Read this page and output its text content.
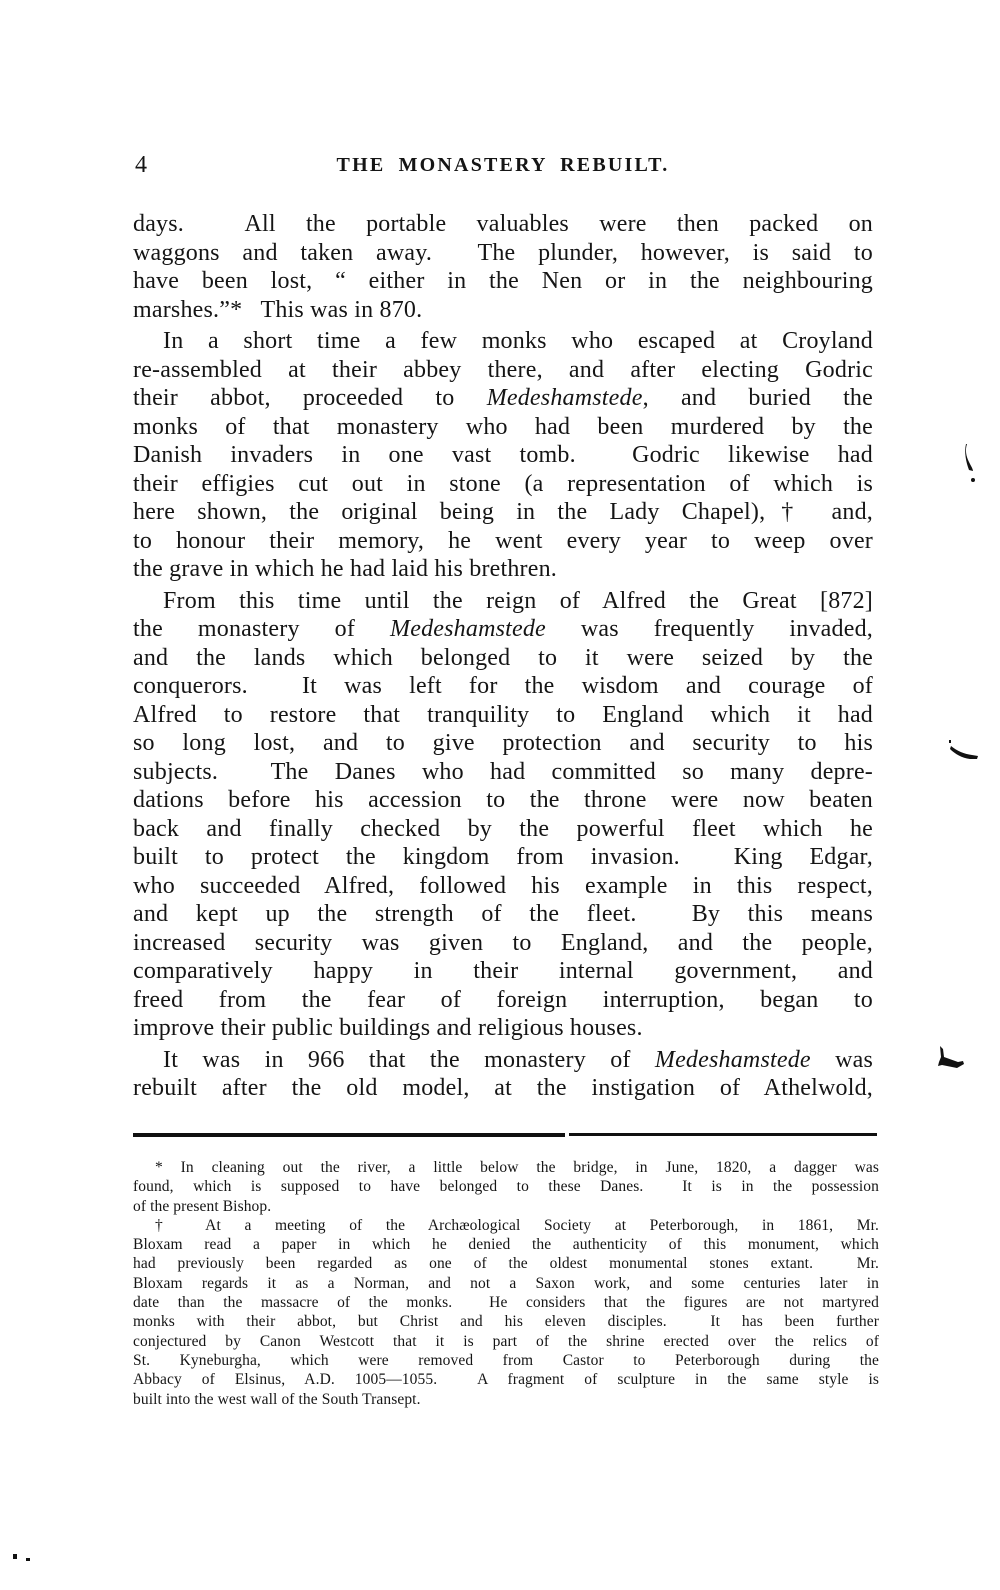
4	THE MONASTERY REBUILT.

days.  All the portable valuables were then packed on
waggons and taken away.  The plunder, however, is said to
have been lost, “ either in the Nen or in the neighbouring
marshes.”*   This was in 870.

In a short time a few monks who escaped at Croyland
re-assembled at their abbey there, and after electing Godric
their abbot, proceeded to Medeshamstede, and buried the
monks of that monastery who had been murdered by the
Danish invaders in one vast tomb.  Godric likewise had
their effigies cut out in stone (a representation of which is
here shown, the original being in the Lady Chapel),† and,
to honour their memory, he went every year to weep over
the grave in which he had laid his brethren.

From this time until the reign of Alfred the Great [872]
the monastery of Medeshamstede was frequently invaded,
and the lands which belonged to it were seized by the
conquerors.  It was left for the wisdom and courage of
Alfred to restore that tranquility to England which it had
so long lost, and to give protection and security to his
subjects.  The Danes who had committed so many depre-
dations before his accession to the throne were now beaten
back and finally checked by the powerful fleet which he
built to protect the kingdom from invasion.  King Edgar,
who succeeded Alfred, followed his example in this respect,
and kept up the strength of the fleet.  By this means
increased security was given to England, and the people,
comparatively happy in their internal government, and
freed from the fear of foreign interruption, began to
improve their public buildings and religious houses.

It was in 966 that the monastery of Medeshamstede was
rebuilt after the old model, at the instigation of Athelwold,

* In cleaning out the river, a little below the bridge, in June, 1820, a dagger was
found, which is supposed to have belonged to these Danes.  It is in the possession
of the present Bishop.

† At a meeting of the Archæological Society at Peterborough, in 1861, Mr.
Bloxam read a paper in which he denied the authenticity of this monument, which
had previously been regarded as one of the oldest monumental stones extant.  Mr.
Bloxam regards it as a Norman, and not a Saxon work, and some centuries later in
date than the massacre of the monks.  He considers that the figures are not martyred
monks with their abbot, but Christ and his eleven disciples.  It has been further
conjectured by Canon Westcott that it is part of the shrine erected over the relics of
St. Kyneburgha, which were removed from Castor to Peterborough during the
Abbacy of Elsinus, A.D. 1005—1055.  A fragment of sculpture in the same style is
built into the west wall of the South Transept.
